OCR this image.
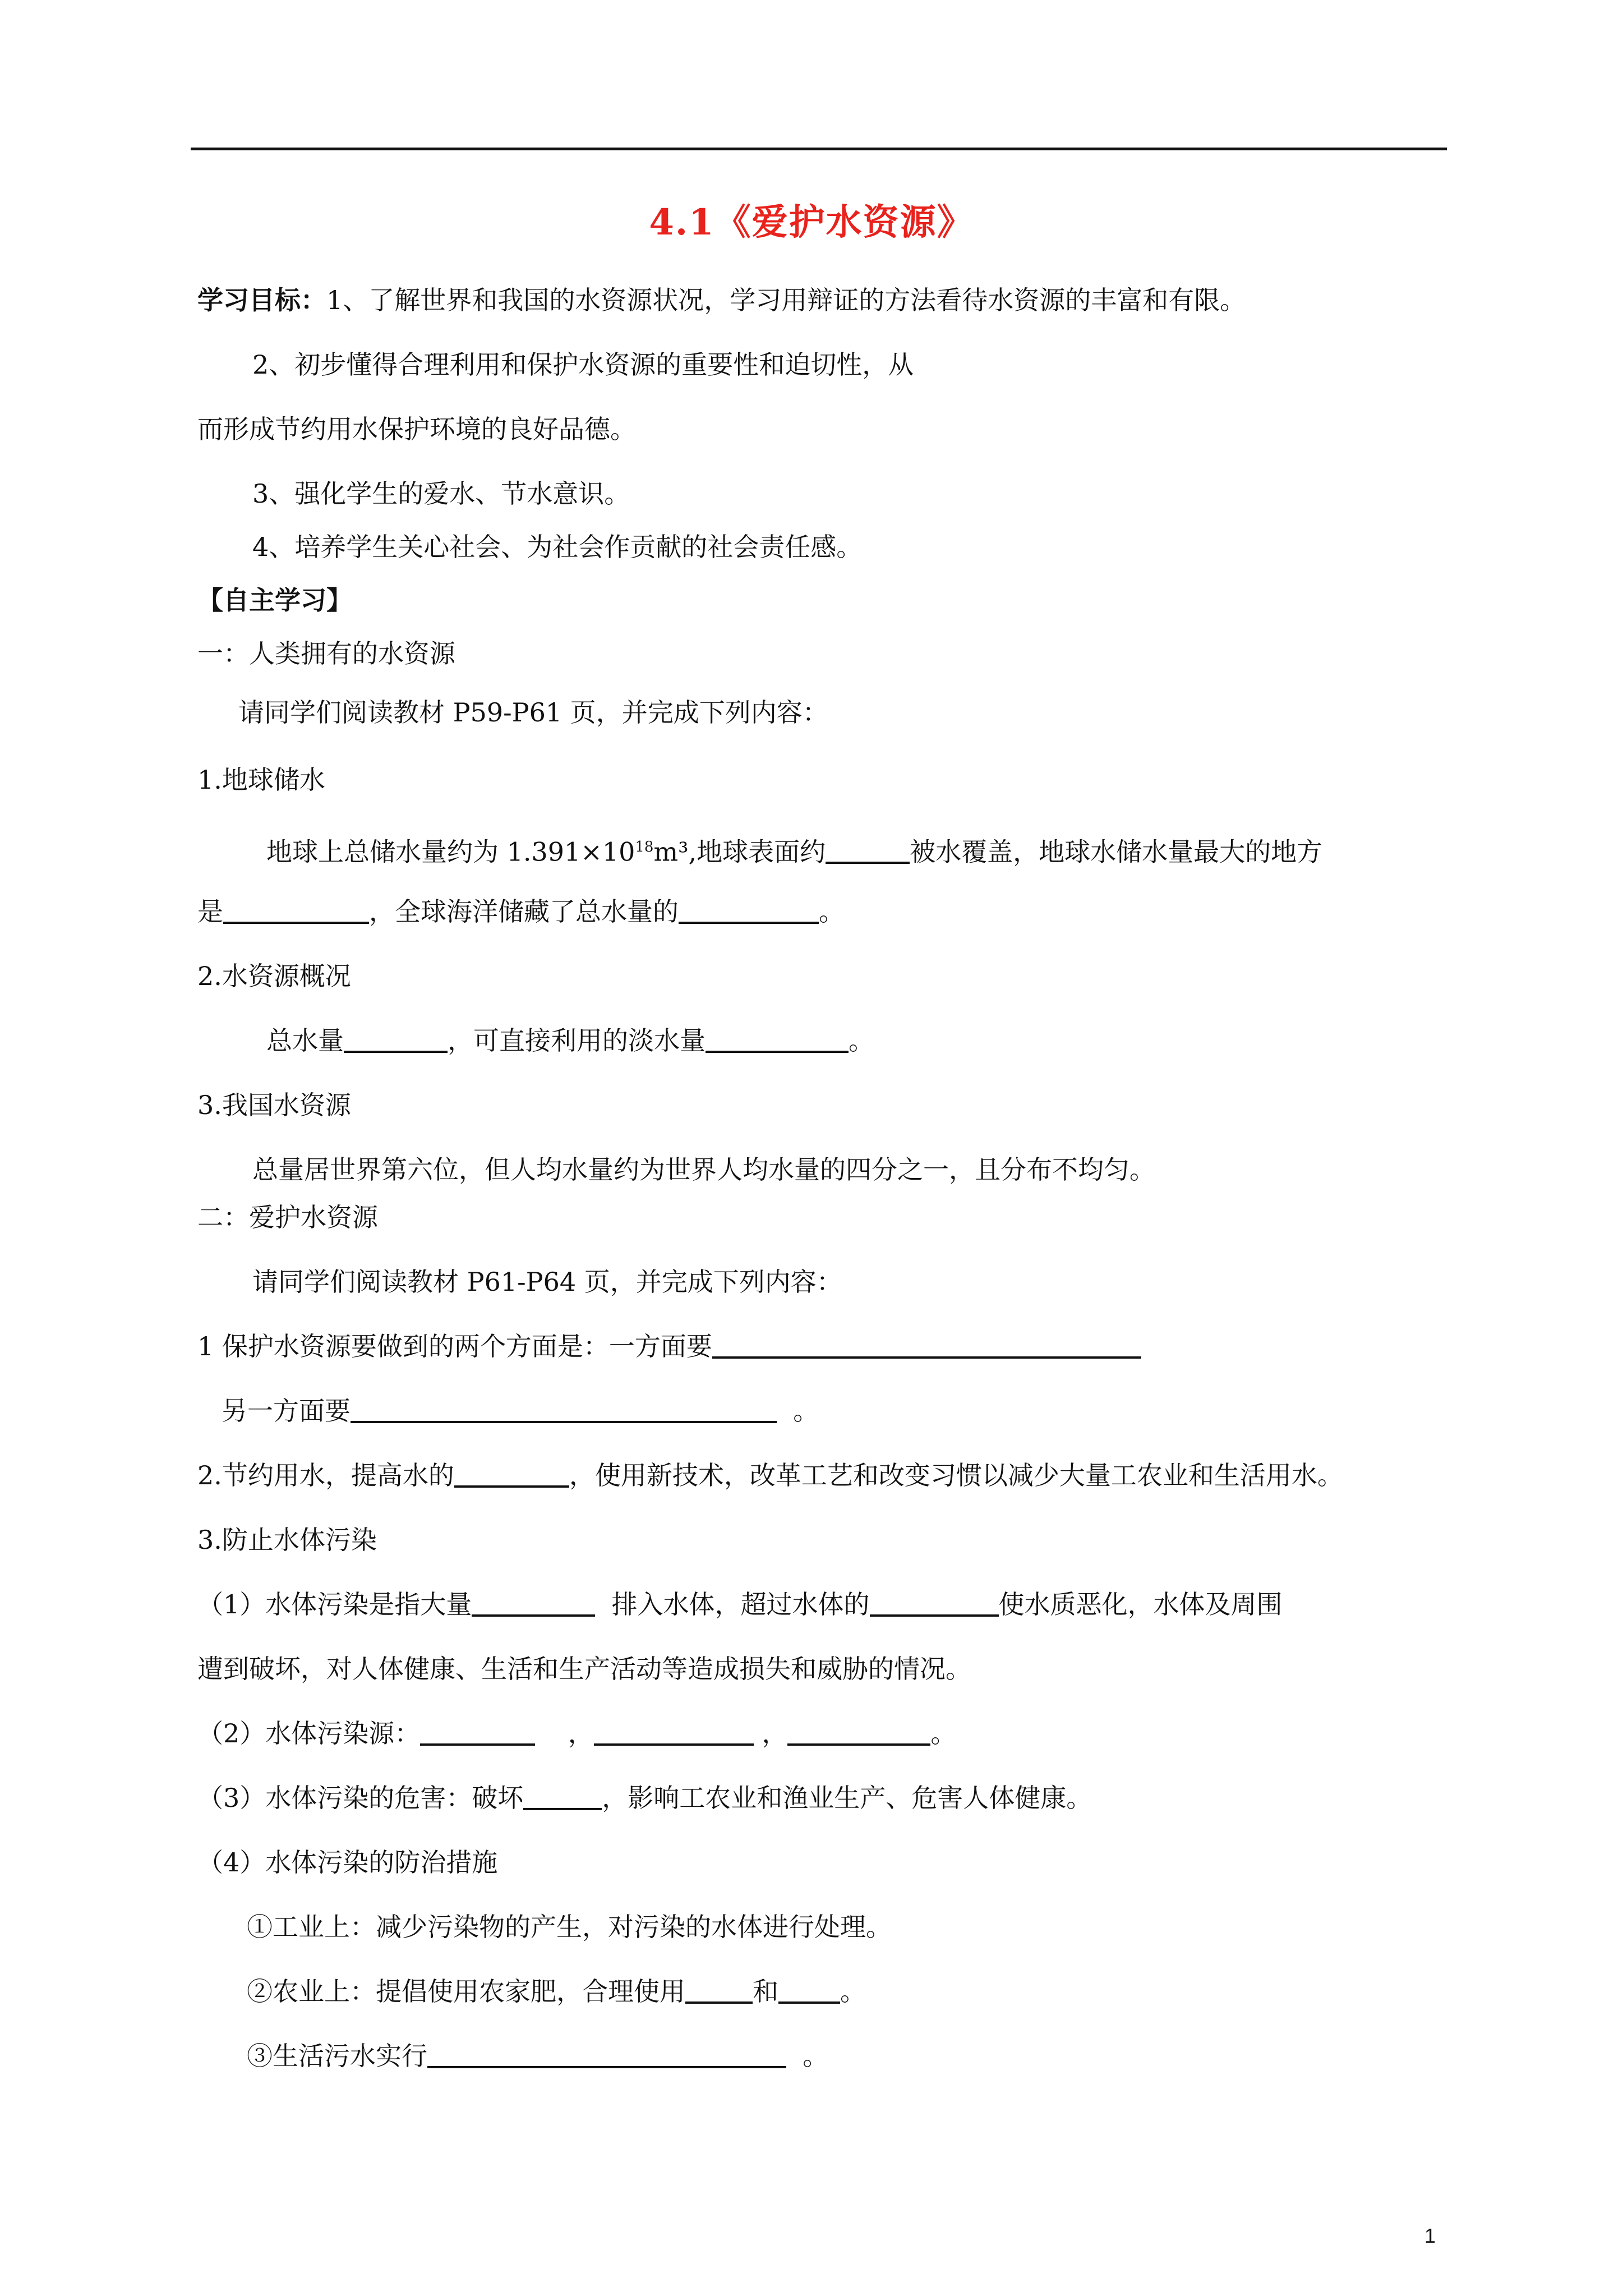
4.1《爱护水资源》
学习目标：1、了解世界和我国的水资源状况，学习用辩证的方法看待水资源的丰富和有限。
2、初步懂得合理利用和保护水资源的重要性和迫切性，从
而形成节约用水保护环境的良好品德。
3、强化学生的爱水、节水意识。
4、培养学生关心社会、为社会作贡献的社会责任感。
【自主学习】
一：人类拥有的水资源
请同学们阅读教材 P59-P61 页，并完成下列内容：
1.地球储水
地球上总储水量约为 $1.391\times 10^{18}m^3$,地球表面约	被水覆盖，地球水储水量最大的地方
是	，全球海洋储藏了总水量的	。
2.水资源概况
总水量	，可直接利用的淡水量	。
3.我国水资源
总量居世界第六位，但人均水量约为世界人均水量的四分之一，且分布不均匀。
二：爱护水资源
请同学们阅读教材 P61-P64 页，并完成下列内容：
1 保护水资源要做到的两个方面是：一方面要
另一方面要	。
2.节约用水，提高水的	，使用新技术，改革工艺和改变习惯以减少大量工农业和生活用水。
3.防止水体污染
（1）水体污染是指大量	排入水体，超过水体的	使水质恶化，水体及周围
遭到破坏，对人体健康、生活和生产活动等造成损失和威胁的情况。
（2）水体污染源：	，	，	。
（3）水体污染的危害：破坏	，影响工农业和渔业生产、危害人体健康。
（4）水体污染的防治措施
①工业上：减少污染物的产生，对污染的水体进行处理。
②农业上：提倡使用农家肥，合理使用	和 。
③生活污水实行	。
1
